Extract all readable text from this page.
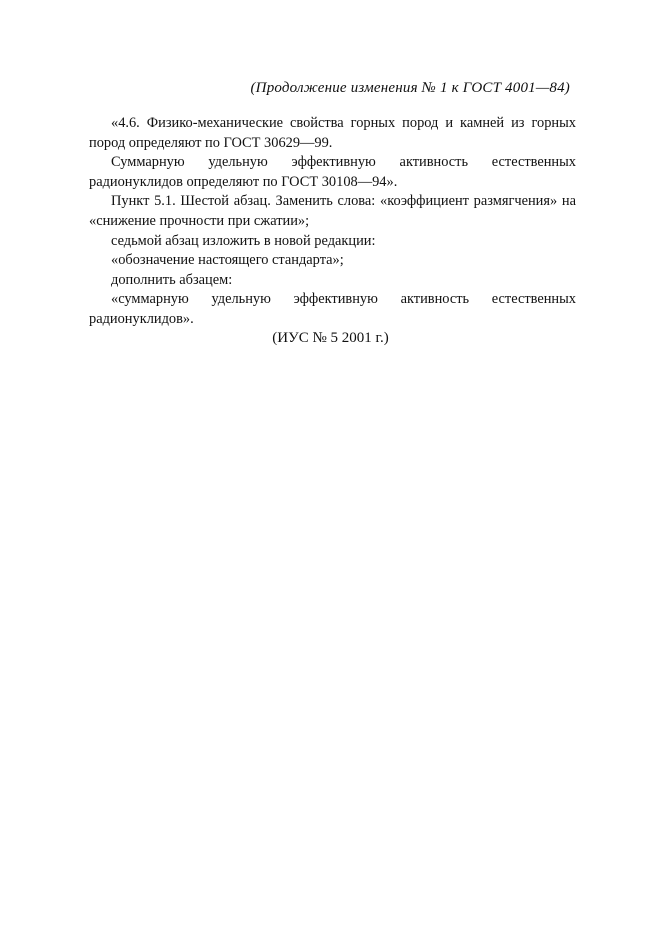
(Продолжение изменения № 1 к ГОСТ 4001—84)

«4.6. Физико-механические свойства горных пород и камней из горных пород определяют по ГОСТ 30629—99.

Суммарную удельную эффективную активность естественных радионуклидов определяют по ГОСТ 30108—94».

Пункт 5.1. Шестой абзац. Заменить слова: «коэффициент размягчения» на «снижение прочности при сжатии»;

седьмой абзац изложить в новой редакции:

«обозначение настоящего стандарта»;

дополнить абзацем:

«суммарную удельную эффективную активность естественных радионуклидов».

(ИУС № 5 2001 г.)
